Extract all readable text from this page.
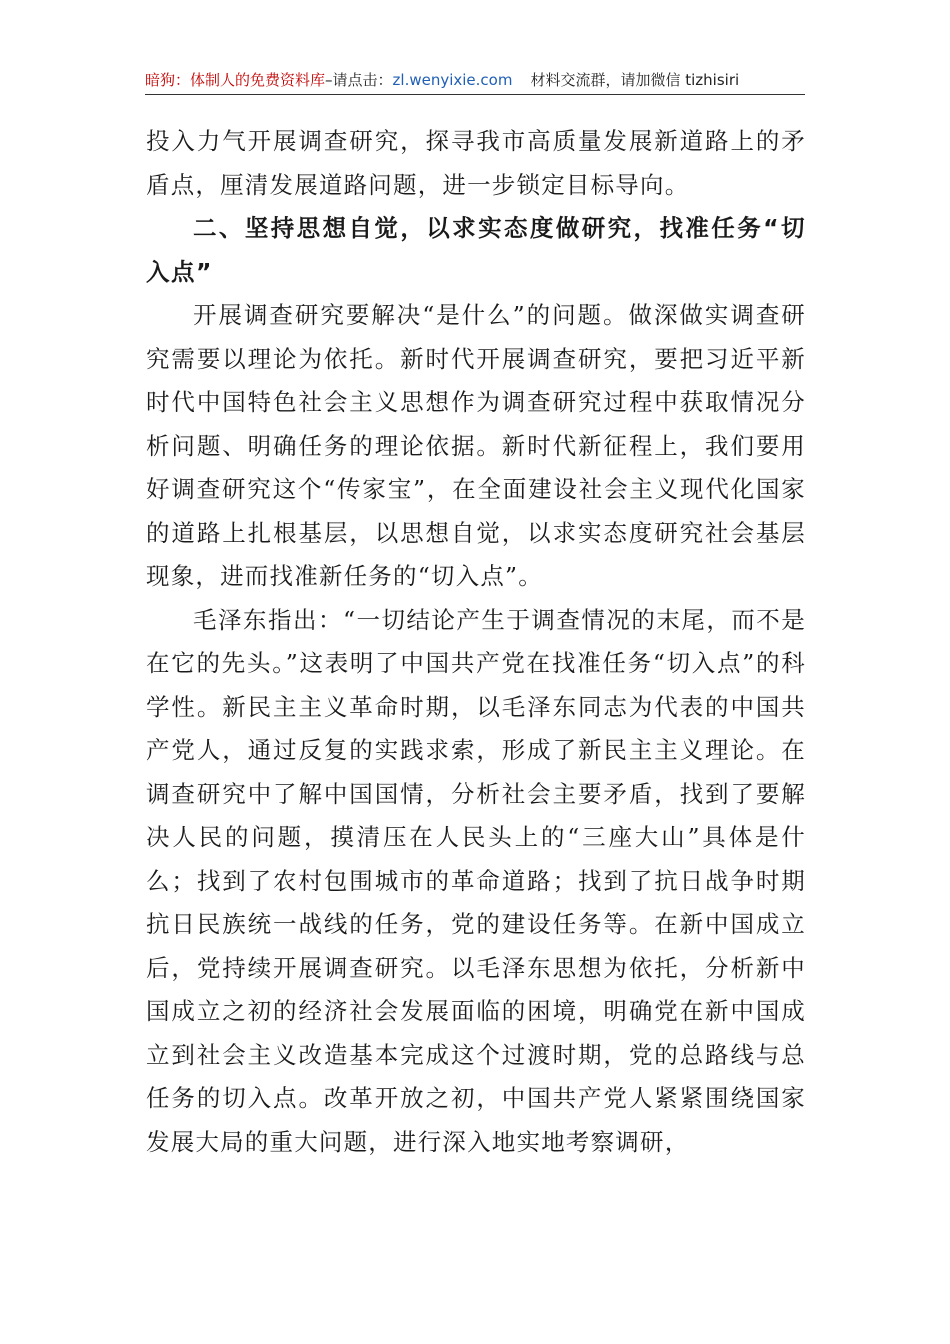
暗狗：体制人的免费资料库–请点击：zl.wenyixie.com 材料交流群，请加微信 tizhisiri

投入力气开展调查研究，探寻我市高质量发展新道路上的矛盾点，厘清发展道路问题，进一步锁定目标导向。

二、坚持思想自觉，以求实态度做研究，找准任务“切入点”

开展调查研究要解决“是什么”的问题。做深做实调查研究需要以理论为依托。新时代开展调查研究，要把习近平新时代中国特色社会主义思想作为调查研究过程中获取情况分析问题、明确任务的理论依据。新时代新征程上，我们要用好调查研究这个“传家宝”，在全面建设社会主义现代化国家的道路上扎根基层，以思想自觉，以求实态度研究社会基层现象，进而找准新任务的“切入点”。

毛泽东指出：“一切结论产生于调查情况的末尾，而不是在它的先头。”这表明了中国共产党在找准任务“切入点”的科学性。新民主主义革命时期，以毛泽东同志为代表的中国共产党人，通过反复的实践求索，形成了新民主主义理论。在调查研究中了解中国国情，分析社会主要矛盾，找到了要解决人民的问题，摸清压在人民头上的“三座大山”具体是什么；找到了农村包围城市的革命道路；找到了抗日战争时期抗日民族统一战线的任务，党的建设任务等。在新中国成立后，党持续开展调查研究。以毛泽东思想为依托，分析新中国成立之初的经济社会发展面临的困境，明确党在新中国成立到社会主义改造基本完成这个过渡时期，党的总路线与总任务的切入点。改革开放之初，中国共产党人紧紧围绕国家发展大局的重大问题，进行深入地实地考察调研，
